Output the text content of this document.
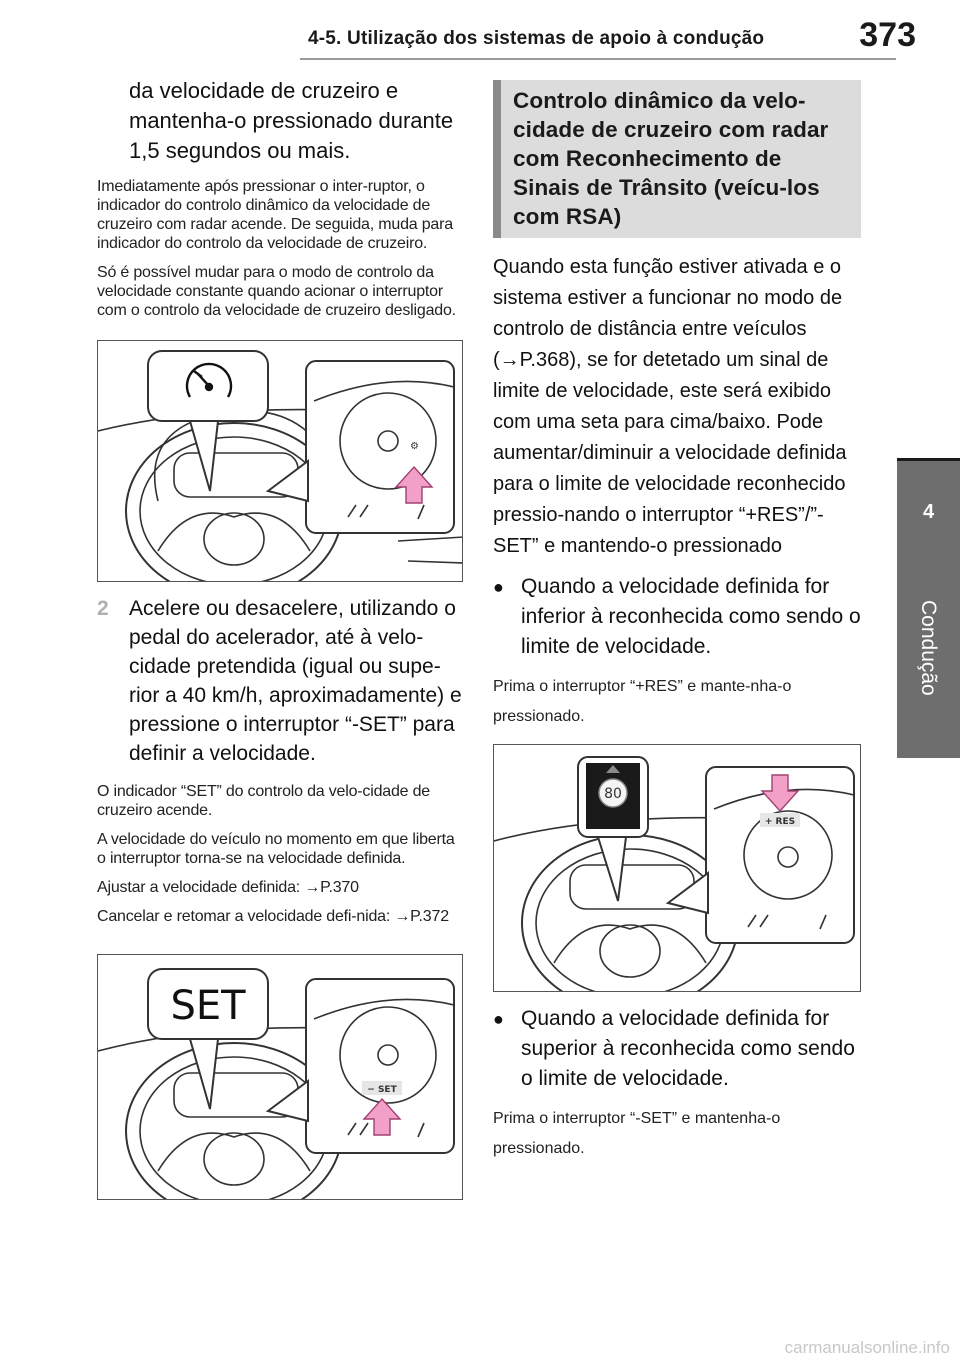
4-5. Utilização dos sistemas de apoio à condução	373
4
Condução

da velocidade de cruzeiro e mantenha-o pressionado durante 1,5 segundos ou mais.

Imediatamente após pressionar o inter-ruptor, o indicador do controlo dinâmico da velocidade de cruzeiro com radar acende. De seguida, muda para indicador do controlo da velocidade de cruzeiro.

Só é possível mudar para o modo de controlo da velocidade constante quando acionar o interruptor com o controlo da velocidade de cruzeiro desligado.

⚙
2 Acelere ou desacelere, utilizando o pedal do acelerador, até à velo-cidade pretendida (igual ou supe-rior a 40 km/h, aproximadamente) e pressione o interruptor “-SET” para definir a velocidade.

O indicador “SET” do controlo da velo-cidade de cruzeiro acende.

A velocidade do veículo no momento em que liberta o interruptor torna-se na velocidade definida.

Ajustar a velocidade definida: →P.370

Cancelar e retomar a velocidade defi-nida: →P.372

SET
− SET
Controlo dinâmico da velo-cidade de cruzeiro com radar com Reconhecimento de Sinais de Trânsito (veícu-los com RSA)

Quando esta função estiver ativada e o sistema estiver a funcionar no modo de controlo de distância entre veículos (→P.368), se for detetado um sinal de limite de velocidade, este será exibido com uma seta para cima/baixo. Pode aumentar/diminuir a velocidade definida para o limite de velocidade reconhecido pressio-nando o interruptor “+RES”/”-SET” e mantendo-o pressionado

● Quando a velocidade definida for inferior à reconhecida como sendo o limite de velocidade.

Prima o interruptor “+RES” e mante-nha-o pressionado.

80
+ RES
● Quando a velocidade definida for superior à reconhecida como sendo o limite de velocidade.

Prima o interruptor “-SET” e mantenha-o pressionado.

carmanualsonline.info
